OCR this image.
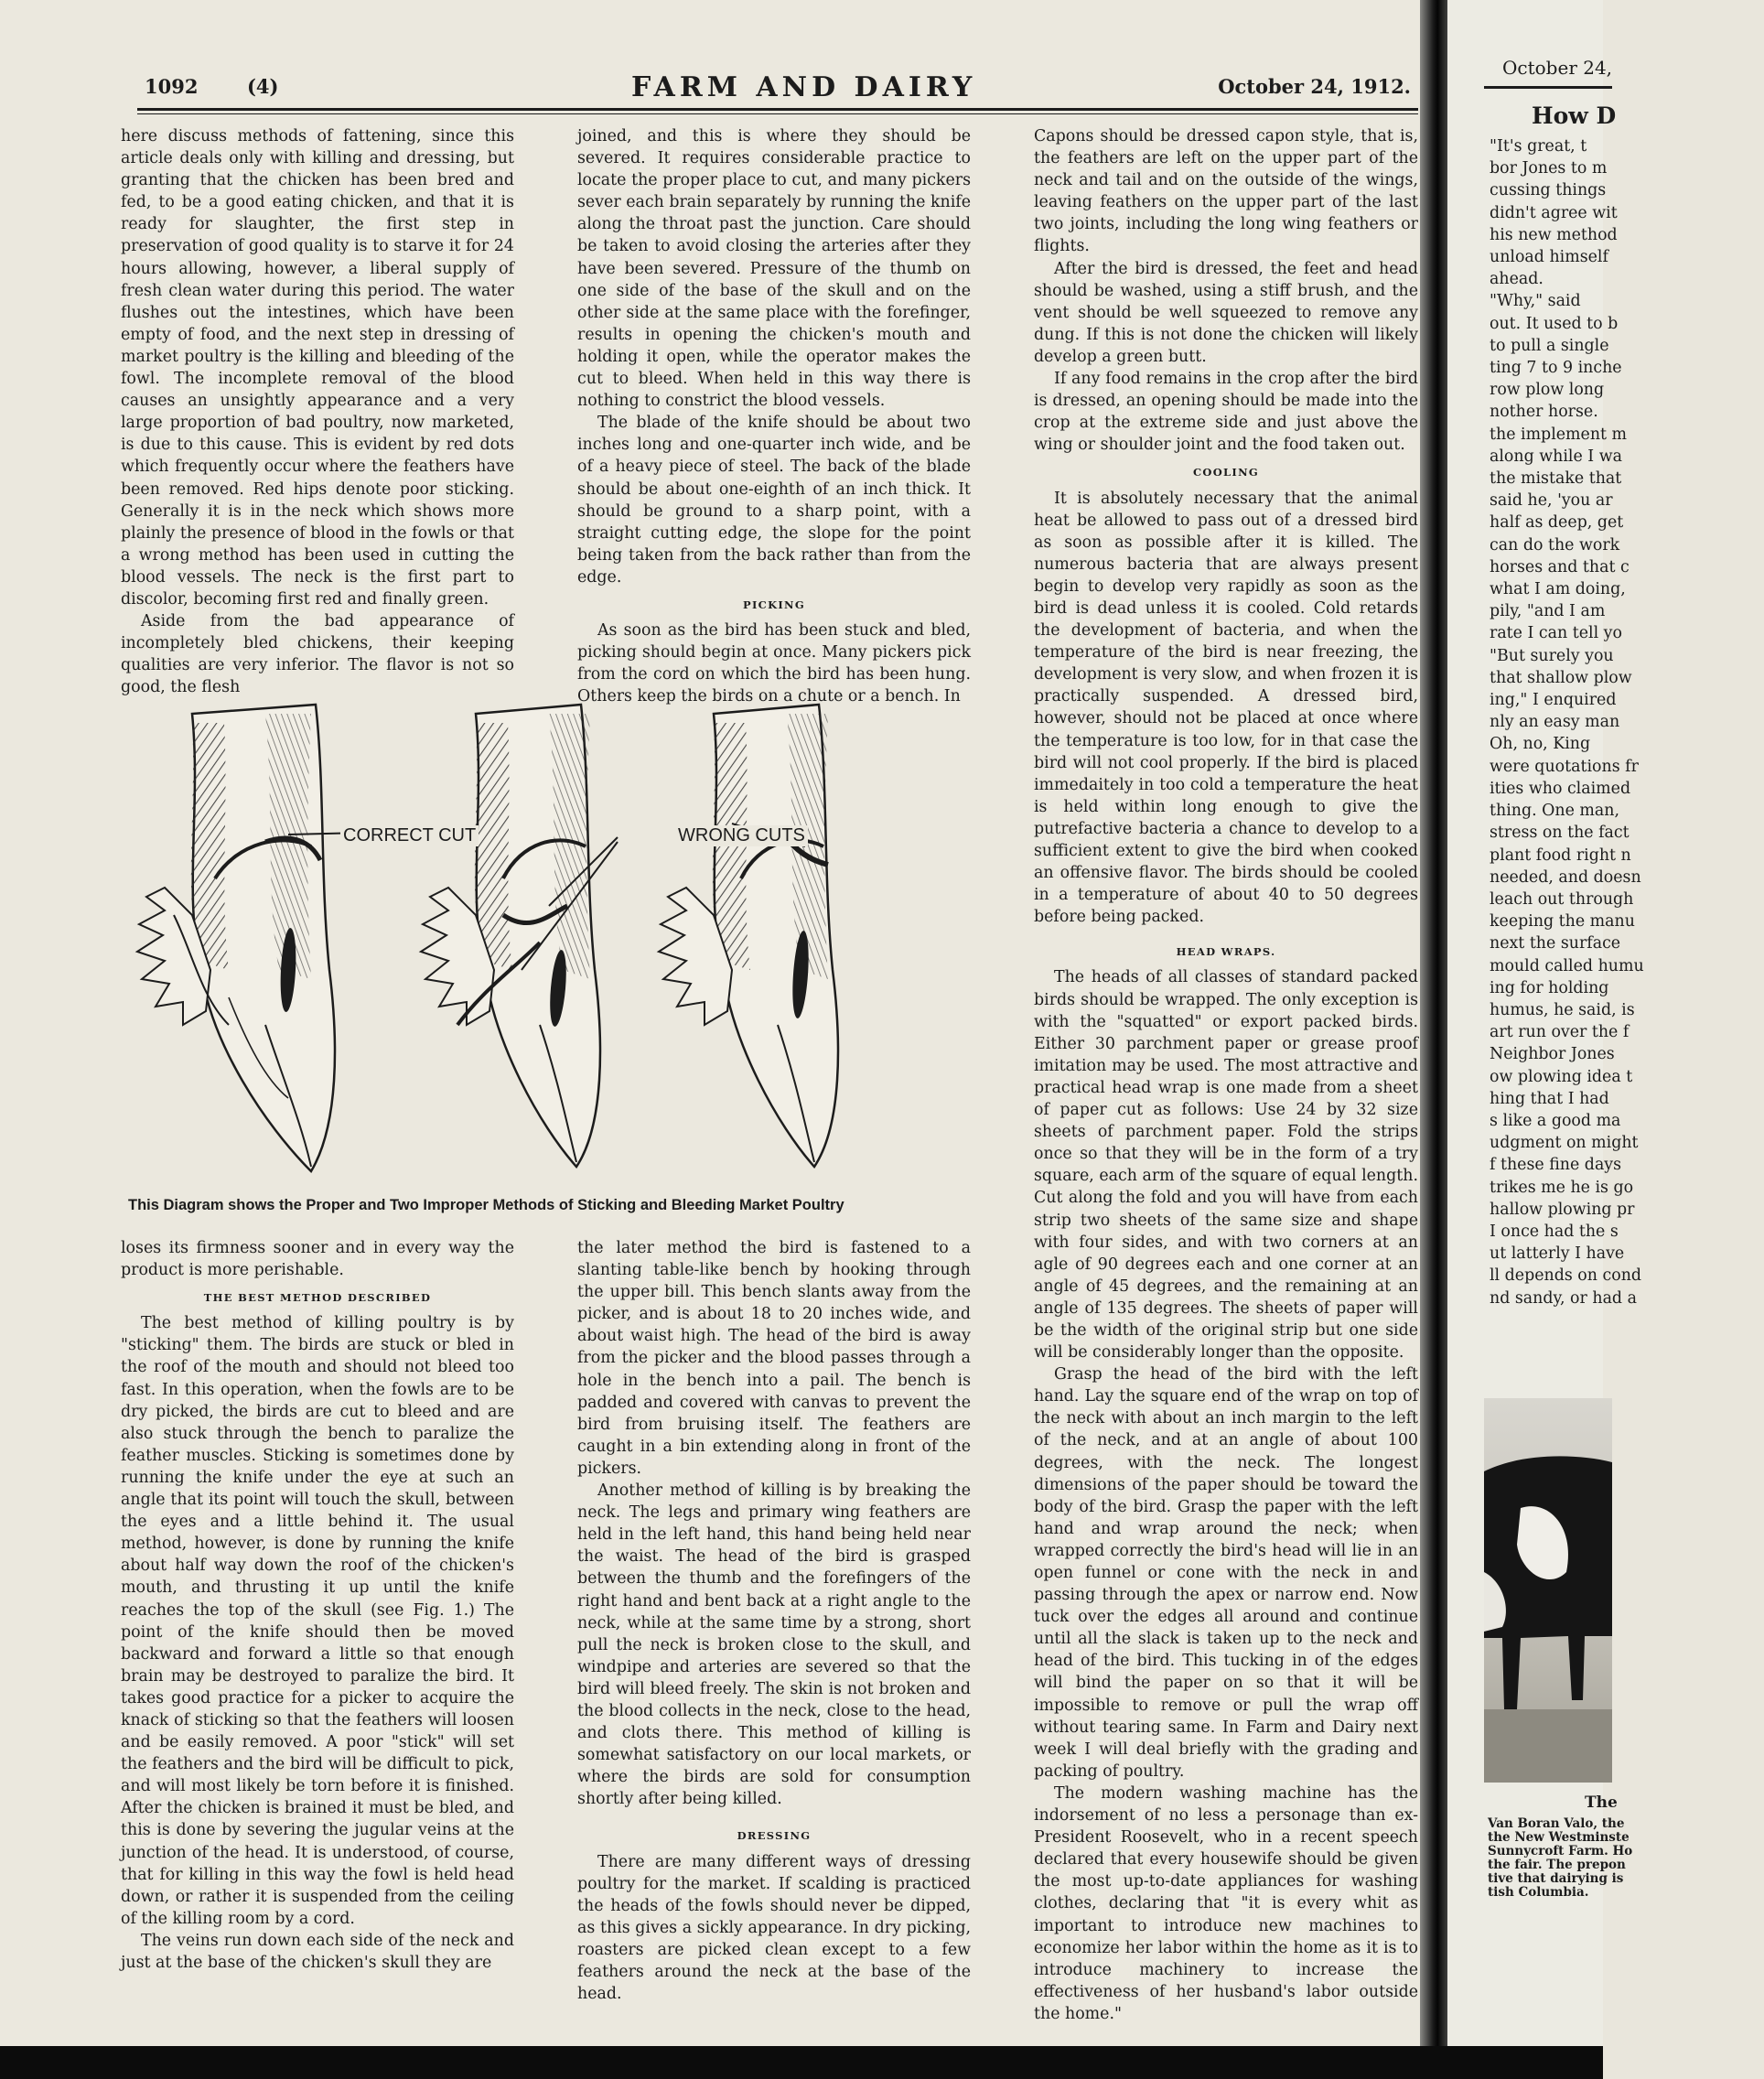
1092	(4)	FARM AND DAIRY	October 24, 1912.

here discuss methods of fattening, since this article deals only with killing and dressing, but granting that the chicken has been bred and fed, to be a good eating chicken, and that it is ready for slaughter, the first step in preservation of good quality is to starve it for 24 hours allowing, however, a liberal supply of fresh clean water during this period. The water flushes out the intestines, which have been empty of food, and the next step in dressing of market poultry is the killing and bleeding of the fowl. The incomplete removal of the blood causes an unsightly appearance and a very large proportion of bad poultry, now marketed, is due to this cause. This is evident by red dots which frequently occur where the feathers have been removed. Red hips denote poor sticking. Generally it is in the neck which shows more plainly the presence of blood in the fowls or that a wrong method has been used in cutting the blood vessels. The neck is the first part to discolor, becoming first red and finally green.

Aside from the bad appearance of incompletely bled chickens, their keeping qualities are very inferior. The flavor is not so good, the flesh

joined, and this is where they should be severed. It requires considerable practice to locate the proper place to cut, and many pickers sever each brain separately by running the knife along the throat past the junction. Care should be taken to avoid closing the arteries after they have been severed. Pressure of the thumb on one side of the base of the skull and on the other side at the same place with the forefinger, results in opening the chicken's mouth and holding it open, while the operator makes the cut to bleed. When held in this way there is nothing to constrict the blood vessels.

The blade of the knife should be about two inches long and one-quarter inch wide, and be of a heavy piece of steel. The back of the blade should be about one-eighth of an inch thick. It should be ground to a sharp point, with a straight cutting edge, the slope for the point being taken from the back rather than from the edge.

PICKING

As soon as the bird has been stuck and bled, picking should begin at once. Many pickers pick from the cord on which the bird has been hung. Others keep the birds on a chute or a bench. In

Capons should be dressed capon style, that is, the feathers are left on the upper part of the neck and tail and on the outside of the wings, leaving feathers on the upper part of the last two joints, including the long wing feathers or flights.

After the bird is dressed, the feet and head should be washed, using a stiff brush, and the vent should be well squeezed to remove any dung. If this is not done the chicken will likely develop a green butt.

If any food remains in the crop after the bird is dressed, an opening should be made into the crop at the extreme side and just above the wing or shoulder joint and the food taken out.

COOLING

It is absolutely necessary that the animal heat be allowed to pass out of a dressed bird as soon as possible after it is killed. The numerous bacteria that are always present begin to develop very rapidly as soon as the bird is dead unless it is cooled. Cold retards the development of bacteria, and when the temperature of the bird is near freezing, the development is very slow, and when frozen it is practically suspended. A dressed bird, however, should not be placed at once where the temperature is too low, for in that case the bird will not cool properly. If the bird is placed immedaitely in too cold a temperature the heat is held within long enough to give the putrefactive bacteria a chance to develop to a sufficient extent to give the bird when cooked an offensive flavor. The birds should be cooled in a temperature of about 40 to 50 degrees before being packed.

HEAD WRAPS.

The heads of all classes of standard packed birds should be wrapped. The only exception is with the "squatted" or export packed birds. Either 30 parchment paper or grease proof imitation may be used. The most attractive and practical head wrap is one made from a sheet of paper cut as follows: Use 24 by 32 size sheets of parchment paper. Fold the strips once so that they will be in the form of a try square, each arm of the square of equal length. Cut along the fold and you will have from each strip two sheets of the same size and shape with four sides, and with two corners at an agle of 90 degrees each and one corner at an angle of 45 degrees, and the remaining at an angle of 135 degrees. The sheets of paper will be the width of the original strip but one side will be considerably longer than the opposite.

Grasp the head of the bird with the left hand. Lay the square end of the wrap on top of the neck with about an inch margin to the left of the neck, and at an angle of about 100 degrees, with the neck. The longest dimensions of the paper should be toward the body of the bird. Grasp the paper with the left hand and wrap around the neck; when wrapped correctly the bird's head will lie in an open funnel or cone with the neck in and passing through the apex or narrow end. Now tuck over the edges all around and continue until all the slack is taken up to the neck and head of the bird. This tucking in of the edges will bind the paper on so that it will be impossible to remove or pull the wrap off without tearing same. In Farm and Dairy next week I will deal briefly with the grading and packing of poultry.

The modern washing machine has the indorsement of no less a personage than ex-President Roosevelt, who in a recent speech declared that every housewife should be given the most up-to-date appliances for washing clothes, declaring that "it is every whit as important to introduce new machines to economize her labor within the home as it is to introduce machinery to increase the effectiveness of her husband's labor outside the home."

CORRECT CUT	WRONG CUTS
This Diagram shows the Proper and Two Improper Methods of Sticking and Bleeding Market Poultry

loses its firmness sooner and in every way the product is more perishable.

THE BEST METHOD DESCRIBED

The best method of killing poultry is by "sticking" them. The birds are stuck or bled in the roof of the mouth and should not bleed too fast. In this operation, when the fowls are to be dry picked, the birds are cut to bleed and are also stuck through the bench to paralize the feather muscles. Sticking is sometimes done by running the knife under the eye at such an angle that its point will touch the skull, between the eyes and a little behind it. The usual method, however, is done by running the knife about half way down the roof of the chicken's mouth, and thrusting it up until the knife reaches the top of the skull (see Fig. 1.) The point of the knife should then be moved backward and forward a little so that enough brain may be destroyed to paralize the bird. It takes good practice for a picker to acquire the knack of sticking so that the feathers will loosen and be easily removed. A poor "stick" will set the feathers and the bird will be difficult to pick, and will most likely be torn before it is finished. After the chicken is brained it must be bled, and this is done by severing the jugular veins at the junction of the head. It is understood, of course, that for killing in this way the fowl is held head down, or rather it is suspended from the ceiling of the killing room by a cord.

The veins run down each side of the neck and just at the base of the chicken's skull they are

the later method the bird is fastened to a slanting table-like bench by hooking through the upper bill. This bench slants away from the picker, and is about 18 to 20 inches wide, and about waist high. The head of the bird is away from the picker and the blood passes through a hole in the bench into a pail. The bench is padded and covered with canvas to prevent the bird from bruising itself. The feathers are caught in a bin extending along in front of the pickers.

Another method of killing is by breaking the neck. The legs and primary wing feathers are held in the left hand, this hand being held near the waist. The head of the bird is grasped between the thumb and the forefingers of the right hand and bent back at a right angle to the neck, while at the same time by a strong, short pull the neck is broken close to the skull, and windpipe and arteries are severed so that the bird will bleed freely. The skin is not broken and the blood collects in the neck, close to the head, and clots there. This method of killing is somewhat satisfactory on our local markets, or where the birds are sold for consumption shortly after being killed.

DRESSING

There are many different ways of dressing poultry for the market. If scalding is practiced the heads of the fowls should never be dipped, as this gives a sickly appearance. In dry picking, roasters are picked clean except to a few feathers around the neck at the base of the head.

October 24,
How D
"It's great, t
bor Jones to m
cussing things
didn't agree wit
his new method
unload himself
ahead.
"Why," said
out. It used to b
to pull a single
ting 7 to 9 inche
row plow long
nother horse.
the implement m
along while I wa
the mistake that
said he, 'you ar
half as deep, get
can do the work
horses and that c
what I am doing,
pily, "and I am
rate I can tell yo
"But surely you
that shallow plow
ing," I enquired
nly an easy man
Oh, no, King
were quotations fr
ities who claimed
thing. One man,
stress on the fact
plant food right n
needed, and doesn
leach out through
keeping the manu
next the surface
mould called humu
ing for holding
humus, he said, is
art run over the f
Neighbor Jones
ow plowing idea t
hing that I had
s like a good ma
udgment on might
f these fine days
trikes me he is go
hallow plowing pr
I once had the s
ut latterly I have
ll depends on cond
nd sandy, or had a
The
Van Boran Valo, the
the New Westminste
Sunnycroft Farm. Ho
the fair. The prepon
tive that dairying is
tish Columbia.
